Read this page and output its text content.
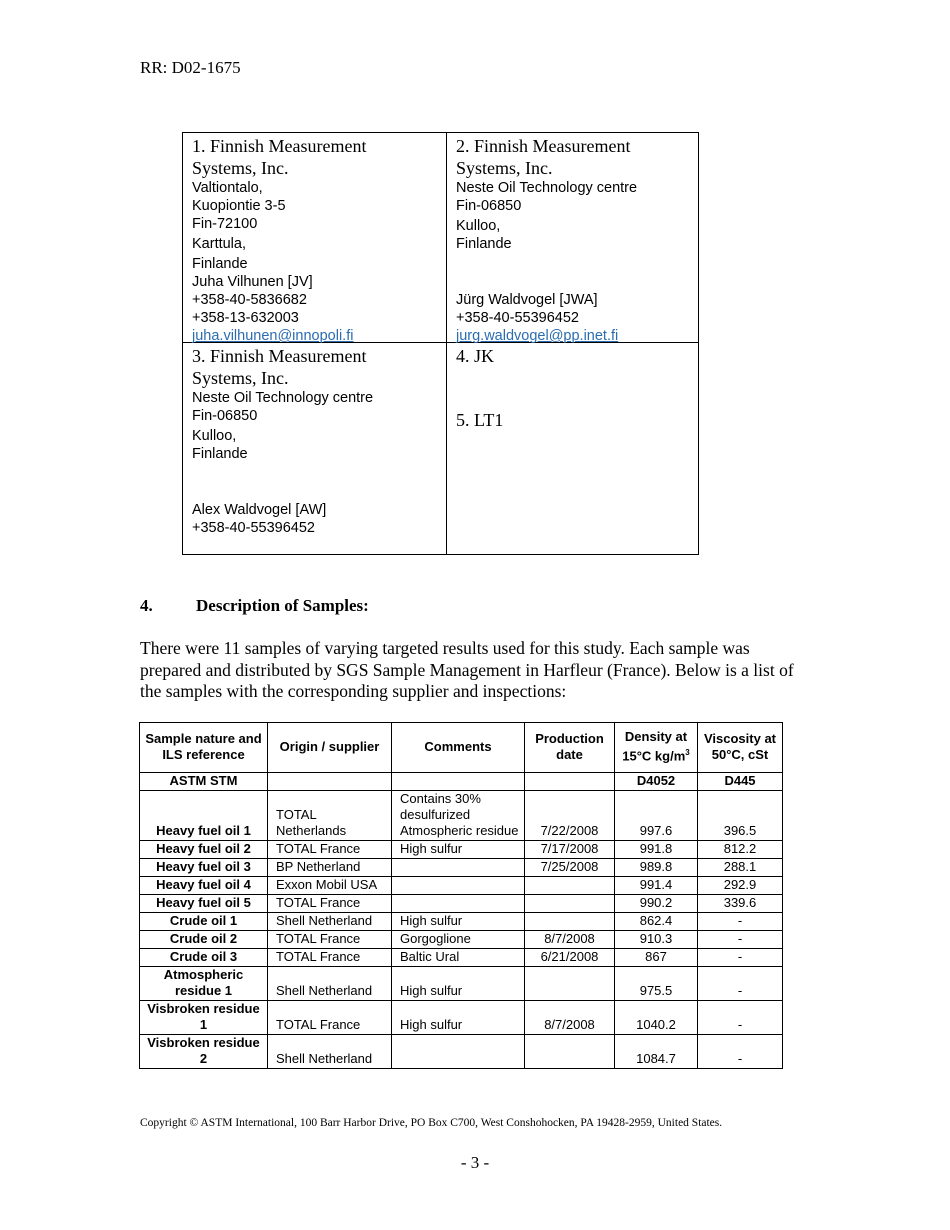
RR: D02-1675
1. Finnish Measurement
Systems, Inc.
Valtiontalo,
Kuopiontie 3-5
Fin-72100
Karttula,
Finlande
Juha Vilhunen [JV]
+358-40-5836682
+358-13-632003
juha.vilhunen@innopoli.fi
2. Finnish Measurement
Systems, Inc.
Neste Oil Technology centre
Fin-06850
Kulloo,
Finlande
Jürg Waldvogel [JWA]
+358-40-55396452
jurg.waldvogel@pp.inet.fi
3. Finnish Measurement
Systems, Inc.
Neste Oil Technology centre
Fin-06850
Kulloo,
Finlande
Alex Waldvogel [AW]
+358-40-55396452
4. JK
5. LT1
4.	Description of Samples:
There were 11 samples of varying targeted results used for this study. Each sample was prepared and distributed by SGS Sample Management in Harfleur (France). Below is a list of the samples with the corresponding supplier and inspections:
Sample nature and ILS reference	Origin / supplier	Comments	Production date	Density at 15°C $kg/m^3$	Viscosity at 50°C, cSt
ASTM STM				D4052	D445
Heavy fuel oil 1	TOTAL Netherlands	Contains 30% desulfurized Atmospheric residue	7/22/2008	997.6	396.5
Heavy fuel oil 2	TOTAL France	High sulfur	7/17/2008	991.8	812.2
Heavy fuel oil 3	BP Netherland		7/25/2008	989.8	288.1
Heavy fuel oil 4	Exxon Mobil USA			991.4	292.9
Heavy fuel oil 5	TOTAL France			990.2	339.6
Crude oil 1	Shell Netherland	High sulfur		862.4	-
Crude oil 2	TOTAL France	Gorgoglione	8/7/2008	910.3	-
Crude oil 3	TOTAL France	Baltic Ural	6/21/2008	867	-
Atmospheric residue 1	Shell Netherland	High sulfur		975.5	-
Visbroken residue 1	TOTAL France	High sulfur	8/7/2008	1040.2	-
Visbroken residue 2	Shell Netherland			1084.7	-
Copyright © ASTM International, 100 Barr Harbor Drive, PO Box C700, West Conshohocken, PA 19428-2959, United States.
- 3 -
